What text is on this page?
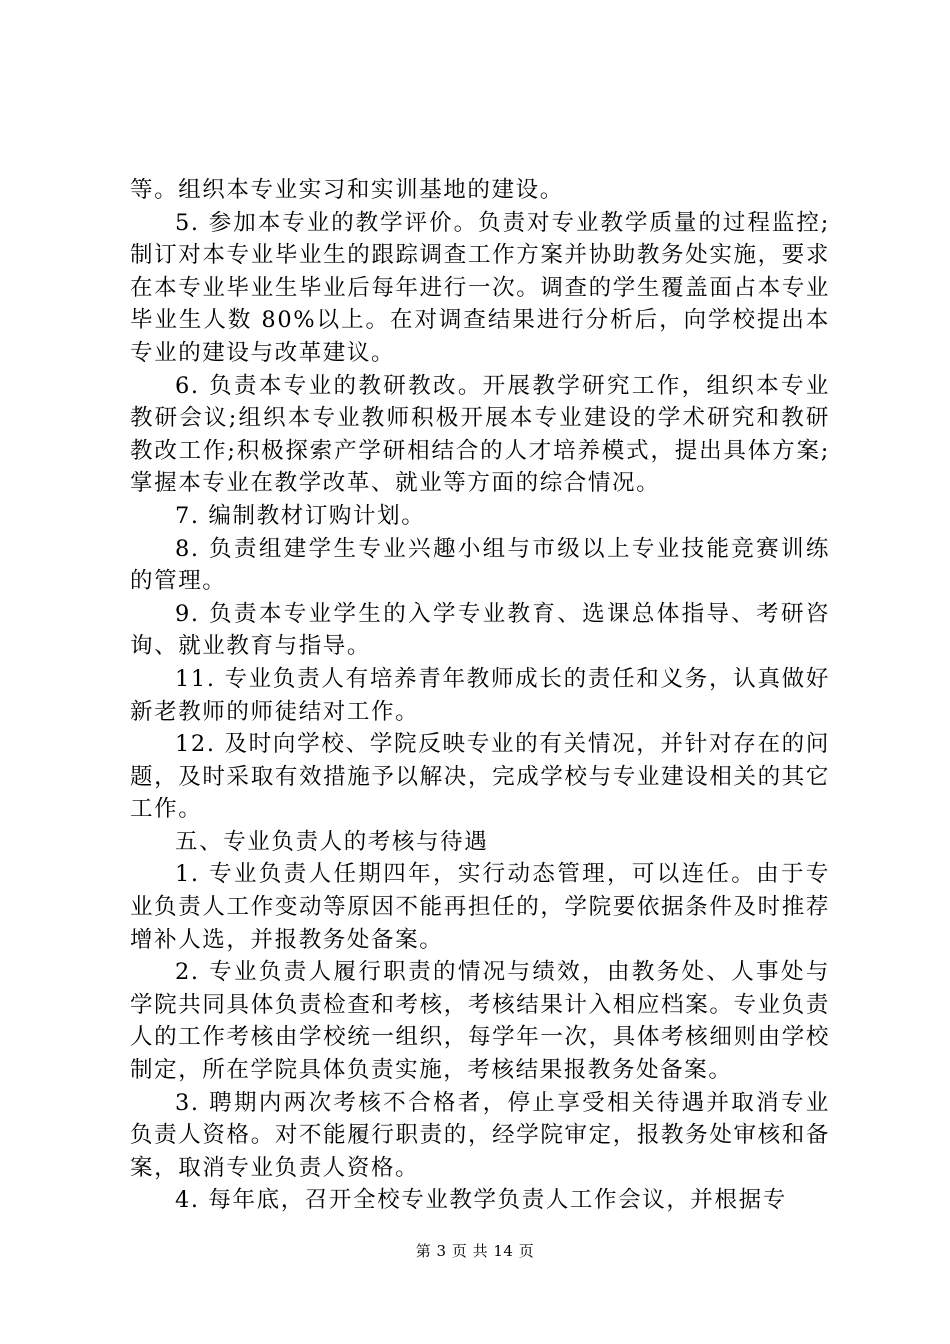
等。组织本专业实习和实训基地的建设。

5. 参加本专业的教学评价。负责对专业教学质量的过程监控;制订对本专业毕业生的跟踪调查工作方案并协助教务处实施，要求在本专业毕业生毕业后每年进行一次。调查的学生覆盖面占本专业毕业生人数 80%以上。在对调查结果进行分析后，向学校提出本专业的建设与改革建议。

6. 负责本专业的教研教改。开展教学研究工作，组织本专业教研会议;组织本专业教师积极开展本专业建设的学术研究和教研教改工作;积极探索产学研相结合的人才培养模式，提出具体方案;掌握本专业在教学改革、就业等方面的综合情况。

7. 编制教材订购计划。

8. 负责组建学生专业兴趣小组与市级以上专业技能竞赛训练的管理。

9. 负责本专业学生的入学专业教育、选课总体指导、考研咨询、就业教育与指导。

11. 专业负责人有培养青年教师成长的责任和义务，认真做好新老教师的师徒结对工作。

12. 及时向学校、学院反映专业的有关情况，并针对存在的问题，及时采取有效措施予以解决，完成学校与专业建设相关的其它工作。

五、专业负责人的考核与待遇

1. 专业负责人任期四年，实行动态管理，可以连任。由于专业负责人工作变动等原因不能再担任的，学院要依据条件及时推荐增补人选，并报教务处备案。

2. 专业负责人履行职责的情况与绩效，由教务处、人事处与学院共同具体负责检查和考核，考核结果计入相应档案。专业负责人的工作考核由学校统一组织，每学年一次，具体考核细则由学校制定，所在学院具体负责实施，考核结果报教务处备案。

3. 聘期内两次考核不合格者，停止享受相关待遇并取消专业负责人资格。对不能履行职责的，经学院审定，报教务处审核和备案，取消专业负责人资格。

4. 每年底，召开全校专业教学负责人工作会议，并根据专

第 3 页 共 14 页
